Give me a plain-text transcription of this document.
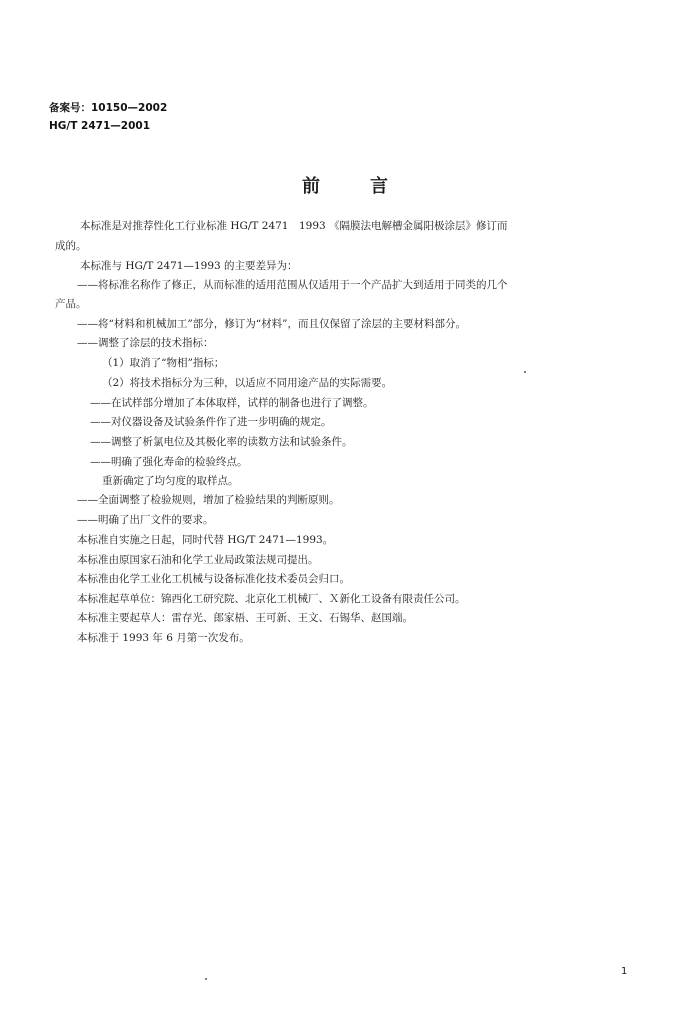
备案号：10150—2002
HG/T 2471—2001
前	言
本标准是对推荐性化工行业标准 HG/T 2471　1993 《隔膜法电解槽金属阳极涂层》修订而
成的。
本标准与 HG/T 2471—1993 的主要差异为：
——将标准名称作了修正，从而标准的适用范围从仅适用于一个产品扩大到适用于同类的几个
产品。
——将“材料和机械加工”部分，修订为“材料”，而且仅保留了涂层的主要材料部分。
——调整了涂层的技术指标：
（1）取消了“物相”指标；
（2）将技术指标分为三种，以适应不同用途产品的实际需要。
——在试样部分增加了本体取样，试样的制备也进行了调整。
——对仪器设备及试验条件作了进一步明确的规定。
——调整了析氯电位及其极化率的读数方法和试验条件。
——明确了强化寿命的检验终点。
重新确定了均匀度的取样点。
——全面调整了检验规则，增加了检验结果的判断原则。
——明确了出厂文件的要求。
本标准自实施之日起，同时代替 HG/T 2471—1993。
本标准由原国家石油和化学工业局政策法规司提出。
本标准由化学工业化工机械与设备标准化技术委员会归口。
本标准起草单位：锦西化工研究院、北京化工机械厂、Ｘ新化工设备有限责任公司。
本标准主要起草人：雷存光、郎家梧、王可新、王文、石锡华、赵国端。
本标准于 1993 年 6 月第一次发布。
1
